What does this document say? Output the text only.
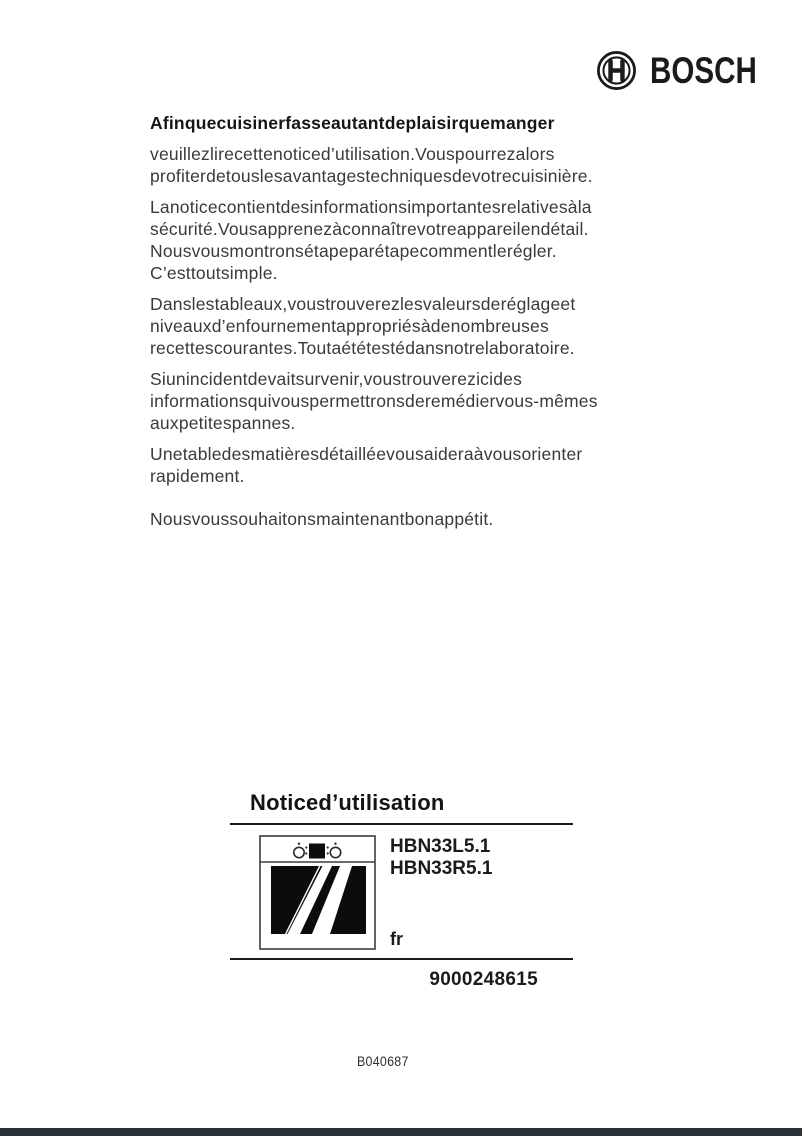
BOSCH
Afinquecuisinerfasseautantdeplaisirquemanger
veuillezlirecettenoticed’utilisation.Vouspourrezalors
profiterdetouslesavantagestechniquesdevotrecuisinière.
Lanoticecontientdesinformationsimportantesrelativesàla
sécurité.Vousapprenezàconnaîtrevotreappareilendétail.
Nousvousmontronsétapeparétapecommentlerégler.
C’esttoutsimple.
Danslestableaux,voustrouverezlesvaleursderéglageet
niveauxd’enfournementappropriésàdenombreuses
recettescourantes.Toutaététestédansnotrelaboratoire.
Siunincidentdevaitsurvenir,voustrouverezicides
informationsquivouspermettronsderemédiervous-mêmes
auxpetitespannes.
Unetabledesmatièresdétailléevousaideraàvousorienter
rapidement.
Nousvoussouhaitonsmaintenantbonappétit.
Noticed’utilisation
HBN33L5.1
HBN33R5.1
fr
9000248615
B040687
